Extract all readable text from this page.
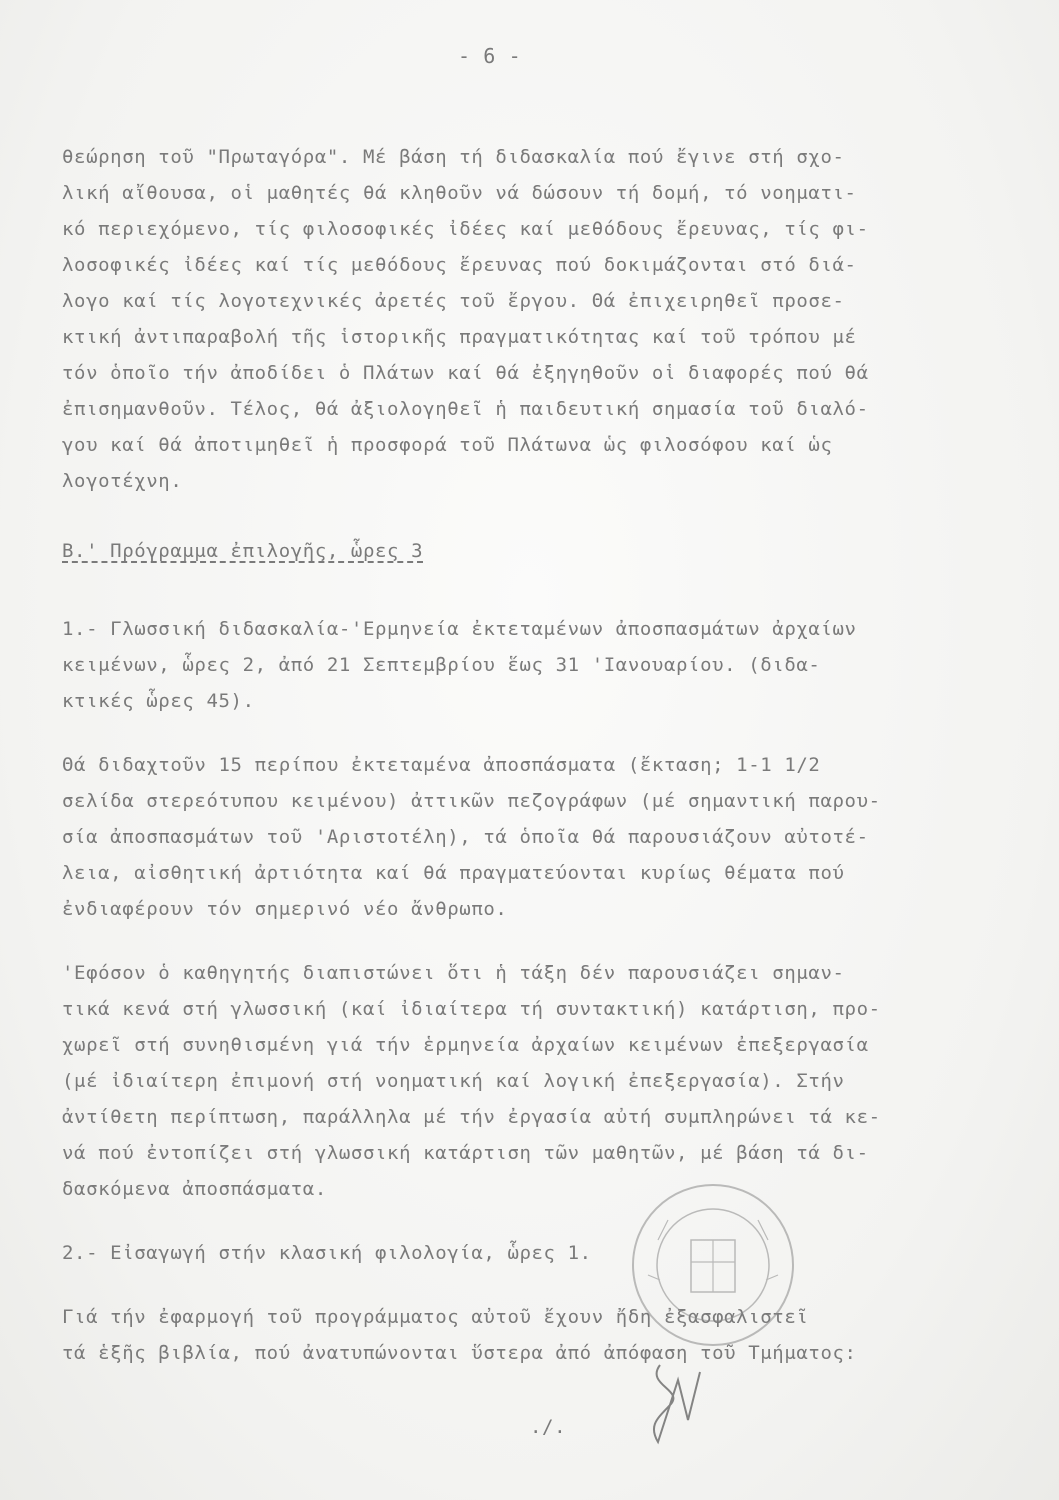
- 6 -
θεώρηση τοῦ "Πρωταγόρα". Μέ βάση τή διδασκαλία πού ἔγινε στή σχο-
λική αἴθουσα, οἱ μαθητές θά κληθοῦν νά δώσουν τή δομή, τό νοηματι-
κό περιεχόμενο, τίς φιλοσοφικές ἰδέες καί μεθόδους ἔρευνας, τίς φι-
λοσοφικές ἰδέες καί τίς μεθόδους ἔρευνας πού δοκιμάζονται στό διά-
λογο καί τίς λογοτεχνικές ἀρετές τοῦ ἔργου. Θά ἐπιχειρηθεῖ προσε-
κτική ἀντιπαραβολή τῆς ἱστορικῆς πραγματικότητας καί τοῦ τρόπου μέ
τόν ὁποῖο τήν ἀποδίδει ὁ Πλάτων καί θά ἐξηγηθοῦν οἱ διαφορές πού θά
ἐπισημανθοῦν. Τέλος, θά ἀξιολογηθεῖ ἡ παιδευτική σημασία τοῦ διαλό-
γου καί θά ἀποτιμηθεῖ ἡ προσφορά τοῦ Πλάτωνα ὡς φιλοσόφου καί ὡς
λογοτέχνη.
Β.' Πρόγραμμα ἐπιλογῆς, ὧρες 3
1.- Γλωσσική διδασκαλία-'Ερμηνεία ἐκτεταμένων ἀποσπασμάτων ἀρχαίων
κειμένων, ὧρες 2, ἀπό 21 Σεπτεμβρίου ἕως 31 'Ιανουαρίου. (διδα-
κτικές ὧρες 45).
Θά διδαχτοῦν 15 περίπου ἐκτεταμένα ἀποσπάσματα (ἔκταση; 1-1 1/2
σελίδα στερεότυπου κειμένου) ἀττικῶν πεζογράφων (μέ σημαντική παρου-
σία ἀποσπασμάτων τοῦ 'Αριστοτέλη), τά ὁποῖα θά παρουσιάζουν αὐτοτέ-
λεια, αἰσθητική ἀρτιότητα καί θά πραγματεύονται κυρίως θέματα πού
ἐνδιαφέρουν τόν σημερινό νέο ἄνθρωπο.
'Εφόσον ὁ καθηγητής διαπιστώνει ὅτι ἡ τάξη δέν παρουσιάζει σημαν-
τικά κενά στή γλωσσική (καί ἰδιαίτερα τή συντακτική) κατάρτιση, προ-
χωρεῖ στή συνηθισμένη γιά τήν ἑρμηνεία ἀρχαίων κειμένων ἐπεξεργασία
(μέ ἰδιαίτερη ἐπιμονή στή νοηματική καί λογική ἐπεξεργασία). Στήν
ἀντίθετη περίπτωση, παράλληλα μέ τήν ἐργασία αὐτή συμπληρώνει τά κε-
νά πού ἐντοπίζει στή γλωσσική κατάρτιση τῶν μαθητῶν, μέ βάση τά δι-
δασκόμενα ἀποσπάσματα.
2.- Εἰσαγωγή στήν κλασική φιλολογία, ὧρες 1.
Γιά τήν ἐφαρμογή τοῦ προγράμματος αὐτοῦ ἔχουν ἤδη ἐξασφαλιστεῖ
τά ἑξῆς βιβλία, πού ἀνατυπώνονται ὕστερα ἀπό ἀπόφαση τοῦ Τμήματος:
./.
